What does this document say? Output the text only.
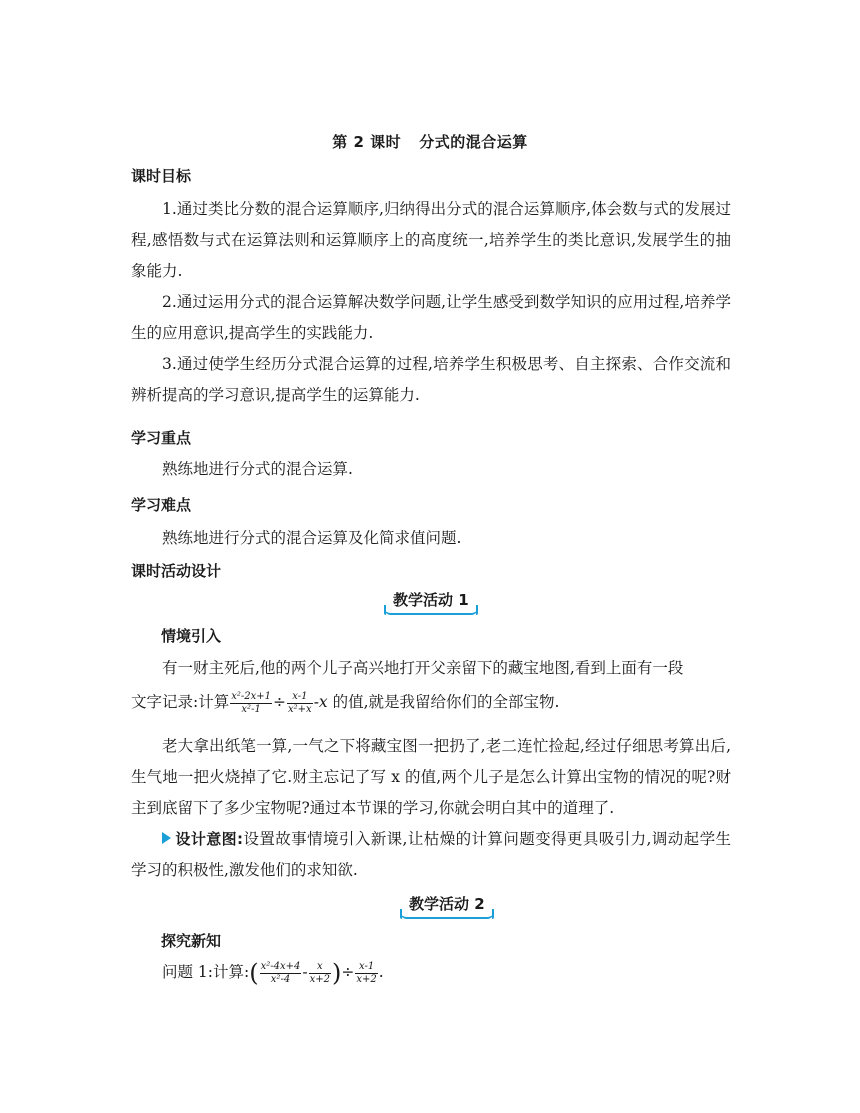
第 2 课时 分式的混合运算
课时目标
1.通过类比分数的混合运算顺序,归纳得出分式的混合运算顺序,体会数与式的发展过程,感悟数与式在运算法则和运算顺序上的高度统一,培养学生的类比意识,发展学生的抽象能力.
2.通过运用分式的混合运算解决数学问题,让学生感受到数学知识的应用过程,培养学生的应用意识,提高学生的实践能力.
3.通过使学生经历分式混合运算的过程,培养学生积极思考、自主探索、合作交流和辨析提高的学习意识,提高学生的运算能力.
学习重点
熟练地进行分式的混合运算.
学习难点
熟练地进行分式的混合运算及化简求值问题.
课时活动设计
教学活动 1
情境引入
有一财主死后,他的两个儿子高兴地打开父亲留下的藏宝地图,看到上面有一段
文字记录:计算 $\frac{\text{x²-2x+1}}{\text{x²-1}} \div \frac{x-1}{\text{x²+x}} -x$ 的值,就是我留给你们的全部宝物.
老大拿出纸笔一算,一气之下将藏宝图一把扔了,老二连忙捡起,经过仔细思考算出后,生气地一把火烧掉了它.财主忘记了写 x 的值,两个儿子是怎么计算出宝物的情况的呢?财主到底留下了多少宝物呢?通过本节课的学习,你就会明白其中的道理了.
设计意图:设置故事情境引入新课,让枯燥的计算问题变得更具吸引力,调动起学生学习的积极性,激发他们的求知欲.
教学活动 2
探究新知
问题 1:计算:( $\frac{\text{x²-4x+4}}{\text{x²-4}} - \frac{x}{x+2}$ )÷ $\frac{x-1}{x+2}$ .
